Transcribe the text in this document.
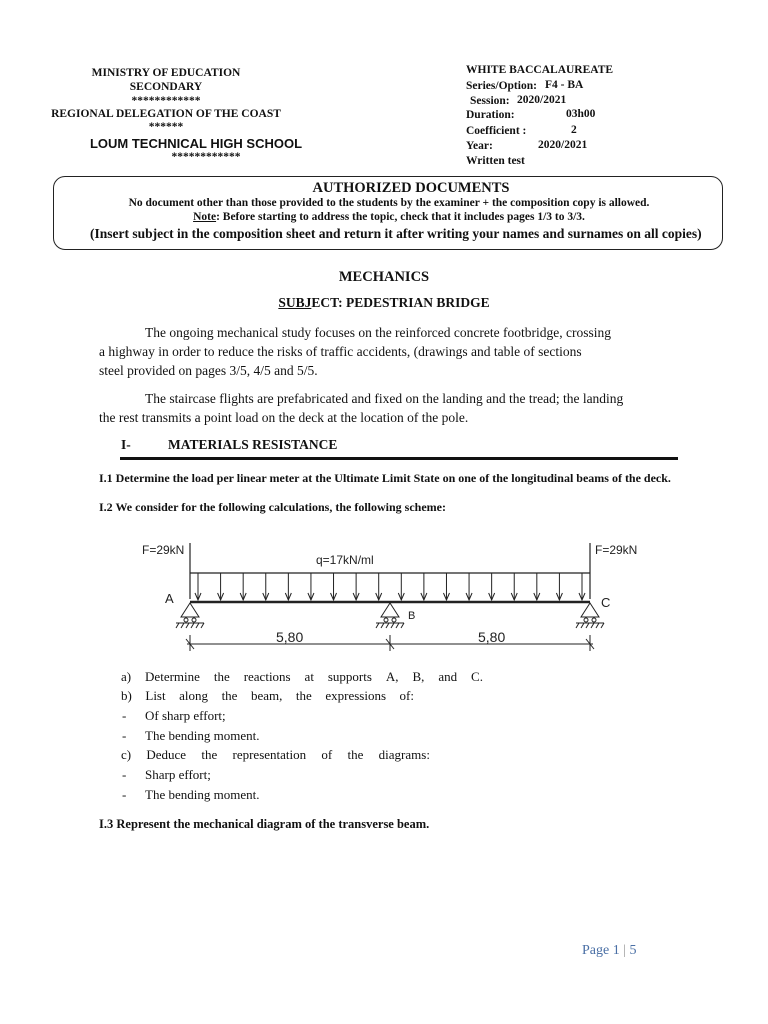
MINISTRY OF EDUCATION
SECONDARY
************
REGIONAL DELEGATION OF THE COAST
******
LOUM TECHNICAL HIGH SCHOOL
************
WHITE BACCALAUREATE
Series/Option: F4 - BA
Session: 2020/2021
Duration:	03h00
Coefficient :	2
Year:	2020/2021
Written test
AUTHORIZED DOCUMENTS
No document other than those provided to the students by the examiner + the composition copy is allowed.
Note: Before starting to address the topic, check that it includes pages 1/3 to 3/3.
(Insert subject in the composition sheet and return it after writing your names and surnames on all copies)
MECHANICS
SUBJECT: PEDESTRIAN BRIDGE
The ongoing mechanical study focuses on the reinforced concrete footbridge, crossing
a highway in order to reduce the risks of traffic accidents, (drawings and table of sections
steel provided on pages 3/5, 4/5 and 5/5.
The staircase flights are prefabricated and fixed on the landing and the tread; the landing
the rest transmits a point load on the deck at the location of the pole.
I-	MATERIALS RESISTANCE
I.1 Determine the load per linear meter at the Ultimate Limit State on one of the longitudinal beams of the deck.
I.2 We consider for the following calculations, the following scheme:
F=29kN	F=29kN
q=17kN/ml
A
B
C
5,80	5,80
a) Determine the reactions at supports A, B, and C.
b) List along the beam, the expressions of:
- Of sharp effort;
- The bending moment.
c) Deduce the representation of the diagrams:
- Sharp effort;
- The bending moment.
I.3 Represent the mechanical diagram of the transverse beam.
Page 1 | 5
